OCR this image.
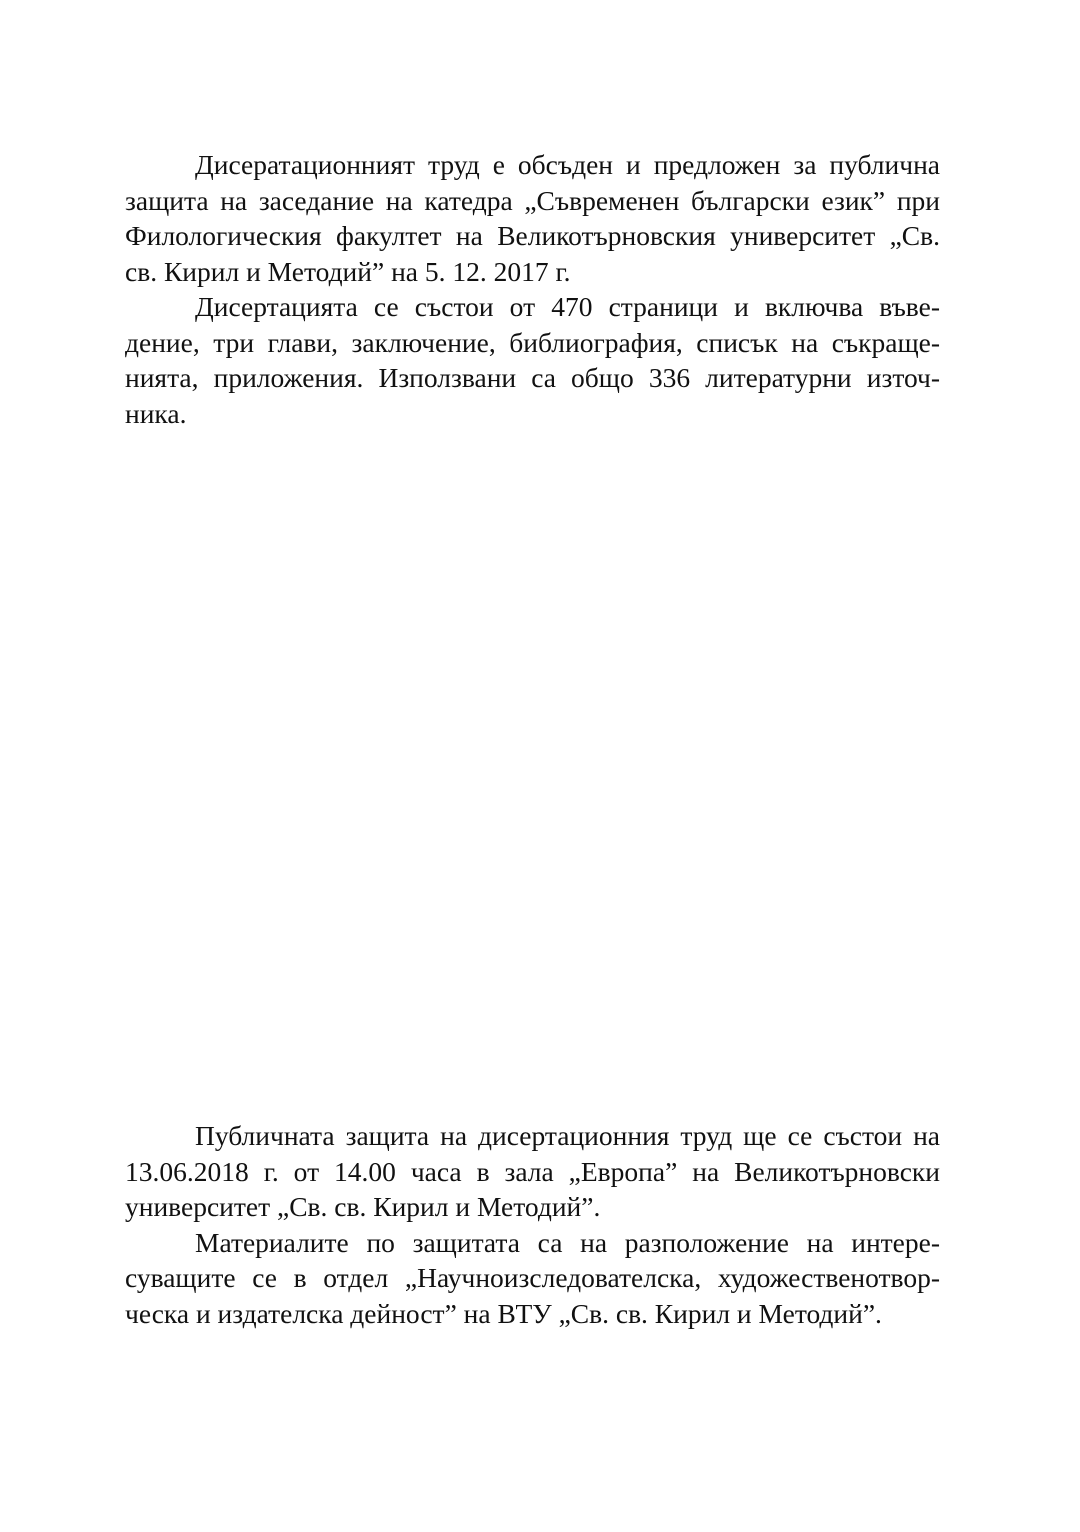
Дисератационният труд е обсъден и предложен за публична
защита на заседание на катедра „Съвременен български език” при
Филологическия факултет на Великотърновския университет „Св.
св. Кирил и Методий” на 5. 12. 2017 г.
Дисертацията се състои от 470 страници и включва въве-
дение, три глави, заключение, библиография, списък на съкраще-
нията, приложения. Използвани са общо 336 литературни източ-
ника.
Публичната защита на дисертационния труд ще се състои на
13.06.2018 г. от 14.00 часа в зала „Европа” на Великотърновски
университет „Св. св. Кирил и Методий”.
Материалите по защитата са на разположение на интере-
суващите се в отдел „Научноизследователска, художественотвор-
ческа и издателска дейност” на ВТУ „Св. св. Кирил и Методий”.
